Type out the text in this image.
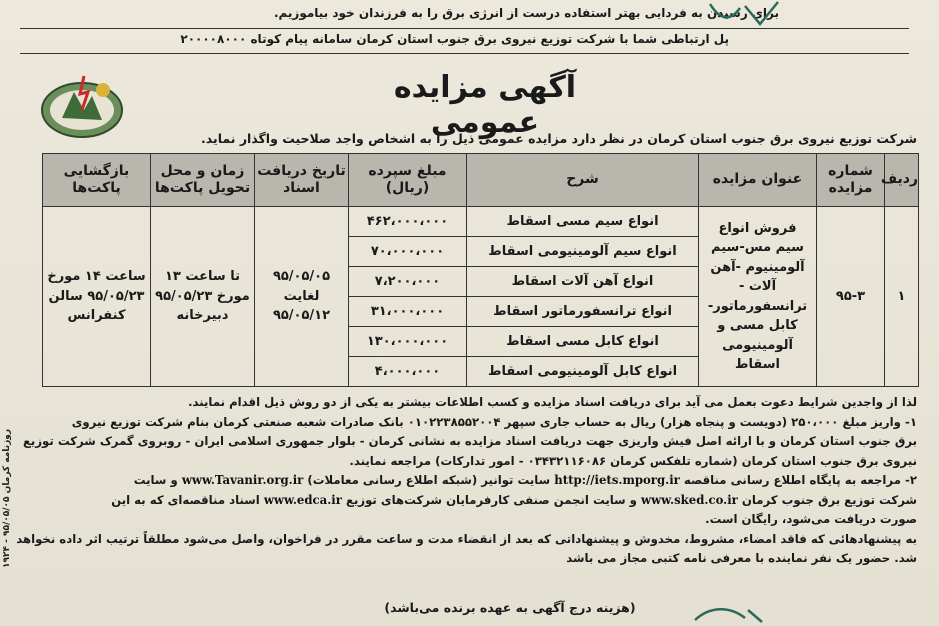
روزنامه کرمان ۹۵/۰۵/۰۵ - ۱۹۲۴
برای رسیدن به فردایی بهتر استفاده درست از انرژی برق را به فرزندان خود بیاموزیم.
پل ارتباطی شما با شرکت توزیع نیروی برق جنوب استان کرمان سامانه پیام کوتاه ۲۰۰۰۰۸۰۰۰
آگهی مزایده عمومی	شرکت توزیع نیروی برق جنوب استان کرمان در نظر دارد مزایده عمومی ذیل را به اشخاص واجد صلاحیت واگذار نماید.
ردیف	شماره مزایده	عنوان مزایده	شرح	مبلغ سپرده (ریال)	تاریخ دریافت اسناد	زمان و محل تحویل پاکت‌ها	بازگشایی پاکت‌ها
۱	۹۵-۳	فروش انواع سیم مس-سیم آلومینیوم -آهن آلات - ترانسفورماتور- کابل مسی و آلومینیومی اسقاط	انواع سیم مسی اسقاط	۴۶۲،۰۰۰،۰۰۰	۹۵/۰۵/۰۵ لغایت ۹۵/۰۵/۱۲	تا ساعت ۱۳ مورخ ۹۵/۰۵/۲۳ دبیرخانه	ساعت ۱۴ مورخ ۹۵/۰۵/۲۳ سالن کنفرانس
			انواع سیم آلومینیومی اسقاط	۷۰،۰۰۰،۰۰۰			
			انواع آهن آلات اسقاط	۷،۲۰۰،۰۰۰			
			انواع ترانسفورماتور اسقاط	۳۱،۰۰۰،۰۰۰			
			انواع کابل مسی اسقاط	۱۳۰،۰۰۰،۰۰۰			
			انواع کابل آلومینیومی اسقاط	۴،۰۰۰،۰۰۰			

لذا از واجدین شرایط دعوت بعمل می آید برای دریافت اسناد مزایده و کسب اطلاعات بیشتر به یکی از دو روش ذیل اقدام نمایند.

۱- واریز مبلغ ۲۵۰،۰۰۰ (دویست و پنجاه هزار) ریال به حساب جاری سپهر ۰۱۰۲۲۳۸۵۵۲۰۰۴ بانک صادرات شعبه صنعتی کرمان بنام شرکت توزیع نیروی

برق جنوب استان کرمان و با ارائه اصل فیش واریزی جهت دریافت اسناد مزایده به نشانی کرمان - بلوار جمهوری اسلامی ایران - روبروی گمرک شرکت توزیع

نیروی برق جنوب استان کرمان (شماره تلفکس کرمان ۰۳۴۳۲۱۱۶۰۸۶ - امور تدارکات) مراجعه نمایند.

۲- مراجعه به پایگاه اطلاع رسانی مناقصه http://iets.mporg.ir سایت توانیر (شبکه اطلاع رسانی معاملات) www.Tavanir.org.ir و سایت

شرکت توزیع برق جنوب کرمان www.sked.co.ir و سایت انجمن صنفی کارفرمایان شرکت‌های توزیع www.edca.ir اسناد مناقصه‌ای که به این

صورت دریافت می‌شود، رایگان است.

به پیشنهادهائی که فاقد امضاء، مشروط، مخدوش و پیشنهاداتی که بعد از انقضاء مدت و ساعت مقرر در فراخوان، واصل می‌شود مطلقاً ترتیب اثر داده نخواهد

شد. حضور یک نفر نماینده با معرفی نامه کتبی مجاز می باشد

(هزینه درج آگهی به عهده برنده می‌باشد)
